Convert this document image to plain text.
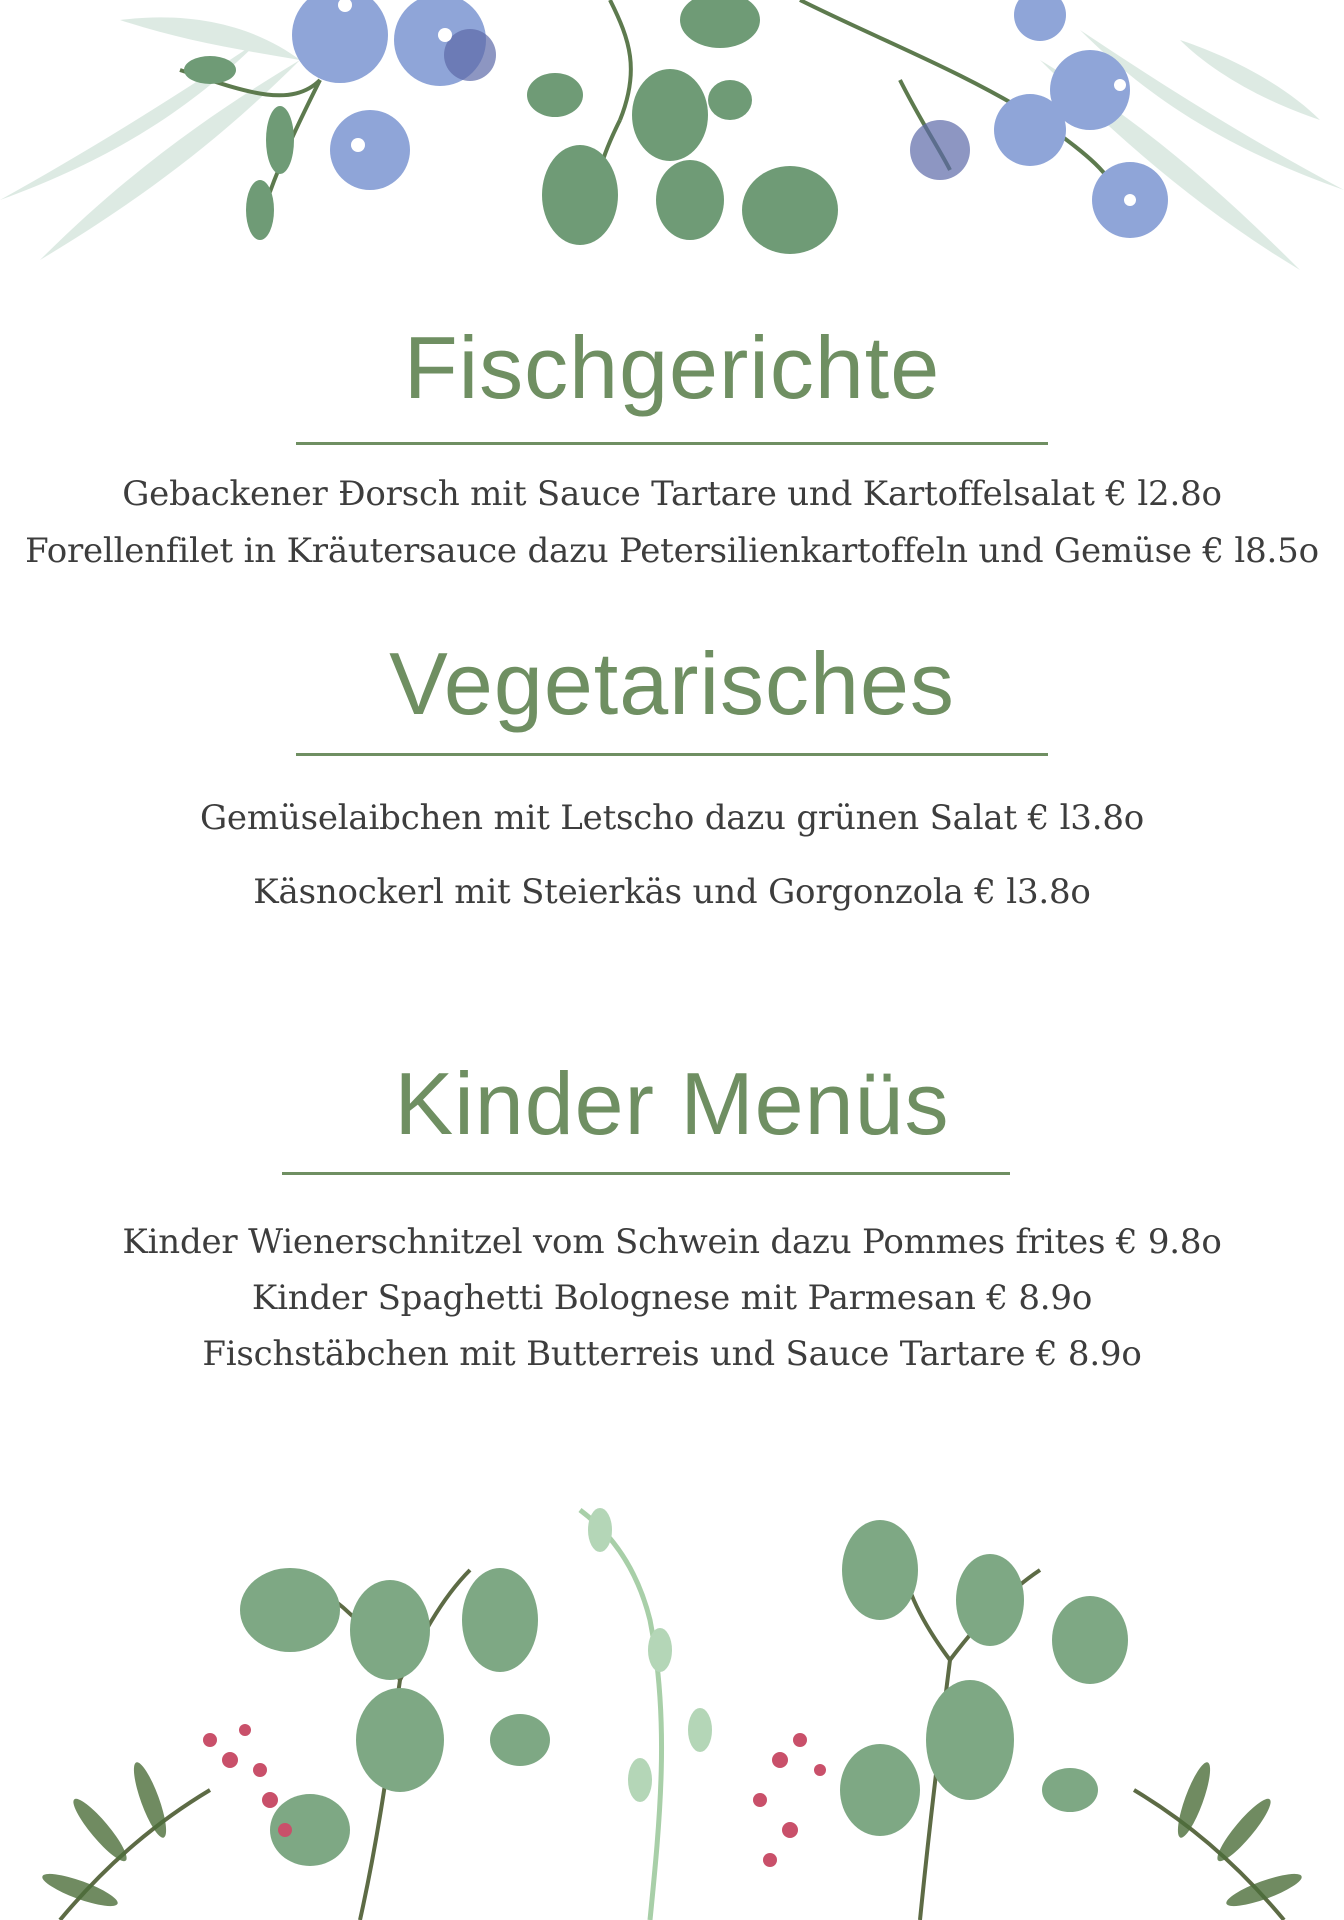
Fischgerichte
Gebackener Ðorsch mit Sauce Tartare und Kartoffelsalat € l2.8o
Forellenfilet in Kräutersauce dazu Petersilienkartoffeln und Gemüse € l8.5o
Vegetarisches
Gemüselaibchen mit Letscho dazu grünen Salat € l3.8o
Käsnockerl mit Steierkäs und Gorgonzola € l3.8o
Kinder Menüs
Kinder Wienerschnitzel vom Schwein dazu Pommes frites € 9.8o
Kinder Spaghetti Bolognese mit Parmesan € 8.9o
Fischstäbchen mit Butterreis und Sauce Tartare € 8.9o
